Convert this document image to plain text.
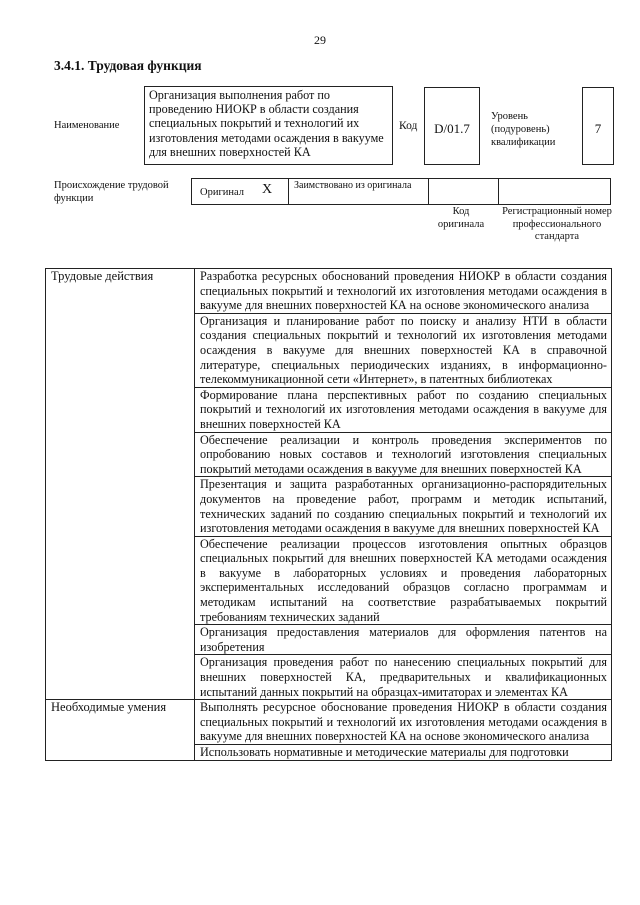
29
3.4.1. Трудовая функция
Наименование
Организация выполнения работ по проведению НИОКР в области создания специальных покрытий и технологий их изготовления методами осаждения в вакууме для внешних поверхностей КА
Код	D/01.7
Уровень
(подуровень)
квалификации
7
Происхождение трудовой функции	Оригинал X Заимствовано из оригинала
Код оригинала
Регистрационный номер профессионального стандарта
Трудовые действия	Разработка ресурсных обоснований проведения НИОКР в области создания специальных покрытий и технологий их изготовления методами осаждения в вакууме для внешних поверхностей КА на основе экономического анализа
	Организация и планирование работ по поиску и анализу НТИ в области создания специальных покрытий и технологий их изготовления методами осаждения в вакууме для внешних поверхностей КА в справочной литературе, специальных периодических изданиях, в информационно-телекоммуникационной сети «Интернет», в патентных библиотеках
	Формирование плана перспективных работ по созданию специальных покрытий и технологий их изготовления методами осаждения в вакууме для внешних поверхностей КА
	Обеспечение реализации и контроль проведения экспериментов по опробованию новых составов и технологий изготовления специальных покрытий методами осаждения в вакууме для внешних поверхностей КА
	Презентация и защита разработанных организационно-распорядительных документов на проведение работ, программ и методик испытаний, технических заданий по созданию специальных покрытий и технологий их изготовления методами осаждения в вакууме для внешних поверхностей КА
	Обеспечение реализации процессов изготовления опытных образцов специальных покрытий для внешних поверхностей КА методами осаждения в вакууме в лабораторных условиях и проведения лабораторных экспериментальных исследований образцов согласно программам и методикам испытаний на соответствие разрабатываемых покрытий требованиям технических заданий
	Организация предоставления материалов для оформления патентов на изобретения
	Организация проведения работ по нанесению специальных покрытий для внешних поверхностей КА, предварительных и квалификационных испытаний данных покрытий на образцах-имитаторах и элементах КА
Необходимые умения	Выполнять ресурсное обоснование проведения НИОКР в области создания специальных покрытий и технологий их изготовления методами осаждения в вакууме для внешних поверхностей КА на основе экономического анализа
	Использовать нормативные и методические материалы для подготовки
